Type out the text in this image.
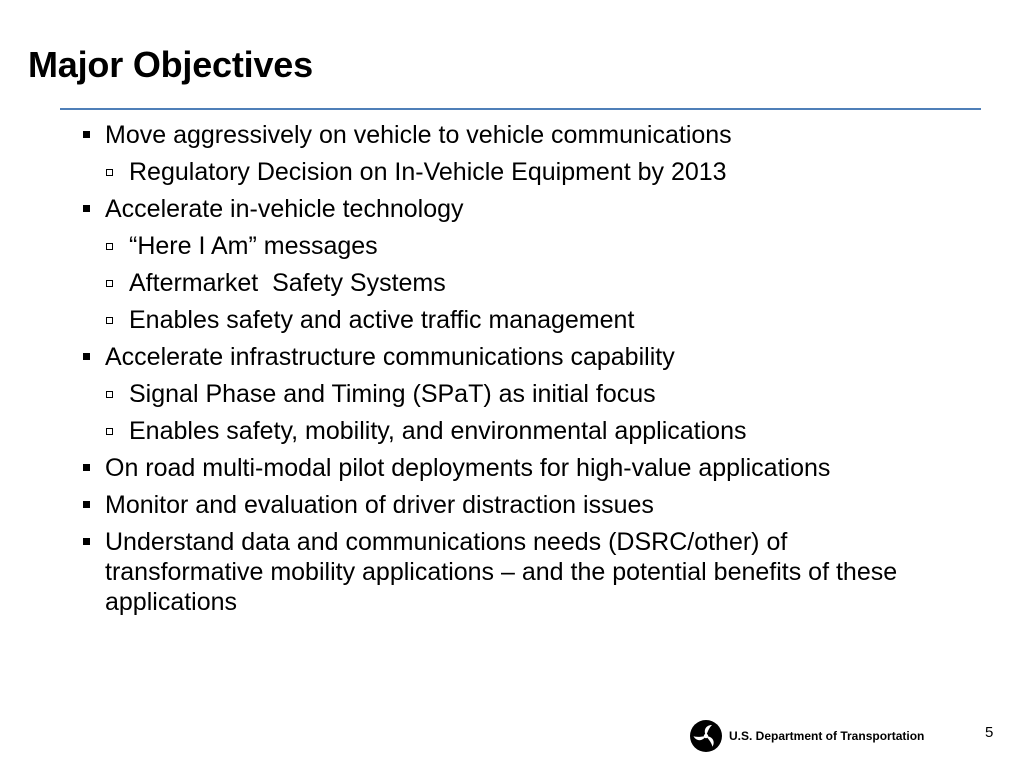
Major Objectives
Move aggressively on vehicle to vehicle communications
Regulatory Decision on In-Vehicle Equipment by 2013
Accelerate in-vehicle technology
“Here I Am” messages
Aftermarket  Safety Systems
Enables safety and active traffic management
Accelerate infrastructure communications capability
Signal Phase and Timing (SPaT) as initial focus
Enables safety, mobility, and environmental applications
On road multi-modal pilot deployments for high-value applications
Monitor and evaluation of driver distraction issues
Understand data and communications needs (DSRC/other) of transformative mobility applications – and the potential benefits of these applications
U.S. Department of Transportation	5
